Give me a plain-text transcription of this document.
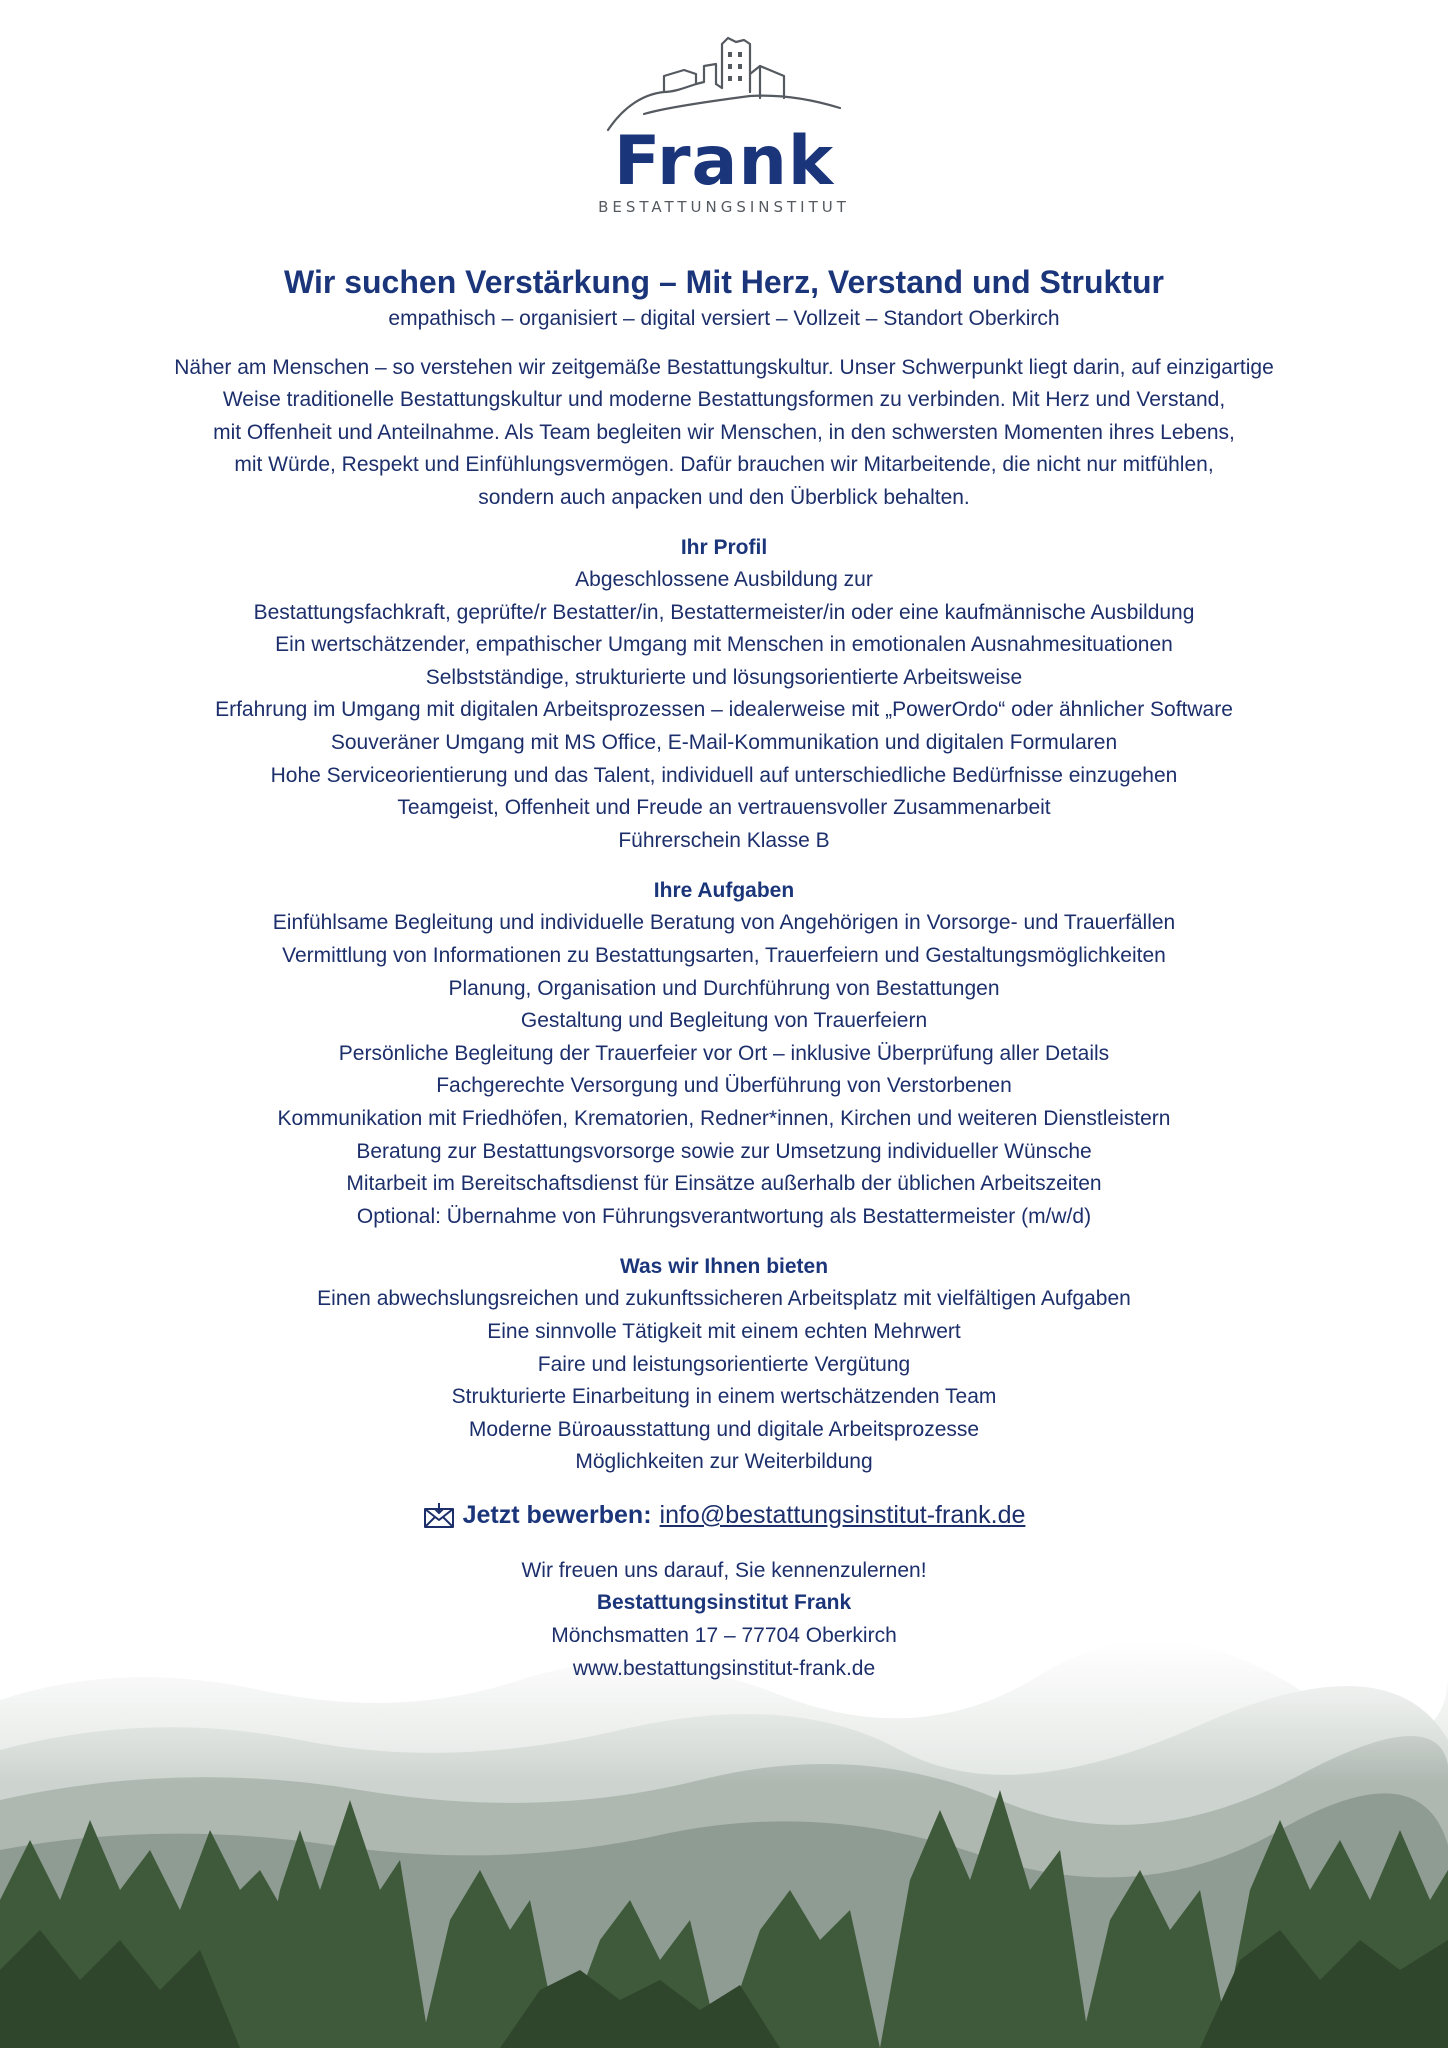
Frank
BESTATTUNGSINSTITUT
Wir suchen Verstärkung – Mit Herz, Verstand und Struktur
empathisch – organisiert – digital versiert – Vollzeit – Standort Oberkirch
Näher am Menschen – so verstehen wir zeitgemäße Bestattungskultur. Unser Schwerpunkt liegt darin, auf einzigartige
Weise traditionelle Bestattungskultur und moderne Bestattungsformen zu verbinden. Mit Herz und Verstand,
mit Offenheit und Anteilnahme. Als Team begleiten wir Menschen, in den schwersten Momenten ihres Lebens,
mit Würde, Respekt und Einfühlungsvermögen. Dafür brauchen wir Mitarbeitende, die nicht nur mitfühlen,
sondern auch anpacken und den Überblick behalten.
Ihr Profil
Abgeschlossene Ausbildung zur
Bestattungsfachkraft, geprüfte/r Bestatter/in, Bestattermeister/in oder eine kaufmännische Ausbildung
Ein wertschätzender, empathischer Umgang mit Menschen in emotionalen Ausnahmesituationen
Selbstständige, strukturierte und lösungsorientierte Arbeitsweise
Erfahrung im Umgang mit digitalen Arbeitsprozessen – idealerweise mit „PowerOrdo“ oder ähnlicher Software
Souveräner Umgang mit MS Office, E-Mail-Kommunikation und digitalen Formularen
Hohe Serviceorientierung und das Talent, individuell auf unterschiedliche Bedürfnisse einzugehen
Teamgeist, Offenheit und Freude an vertrauensvoller Zusammenarbeit
Führerschein Klasse B
Ihre Aufgaben
Einfühlsame Begleitung und individuelle Beratung von Angehörigen in Vorsorge- und Trauerfällen
Vermittlung von Informationen zu Bestattungsarten, Trauerfeiern und Gestaltungsmöglichkeiten
Planung, Organisation und Durchführung von Bestattungen
Gestaltung und Begleitung von Trauerfeiern
Persönliche Begleitung der Trauerfeier vor Ort – inklusive Überprüfung aller Details
Fachgerechte Versorgung und Überführung von Verstorbenen
Kommunikation mit Friedhöfen, Krematorien, Redner*innen, Kirchen und weiteren Dienstleistern
Beratung zur Bestattungsvorsorge sowie zur Umsetzung individueller Wünsche
Mitarbeit im Bereitschaftsdienst für Einsätze außerhalb der üblichen Arbeitszeiten
Optional: Übernahme von Führungsverantwortung als Bestattermeister (m/w/d)
Was wir Ihnen bieten
Einen abwechslungsreichen und zukunftssicheren Arbeitsplatz mit vielfältigen Aufgaben
Eine sinnvolle Tätigkeit mit einem echten Mehrwert
Faire und leistungsorientierte Vergütung
Strukturierte Einarbeitung in einem wertschätzenden Team
Moderne Büroausstattung und digitale Arbeitsprozesse
Möglichkeiten zur Weiterbildung
Jetzt bewerben: info@bestattungsinstitut-frank.de
Wir freuen uns darauf, Sie kennenzulernen!
Bestattungsinstitut Frank
Mönchsmatten 17 – 77704 Oberkirch
www.bestattungsinstitut-frank.de
